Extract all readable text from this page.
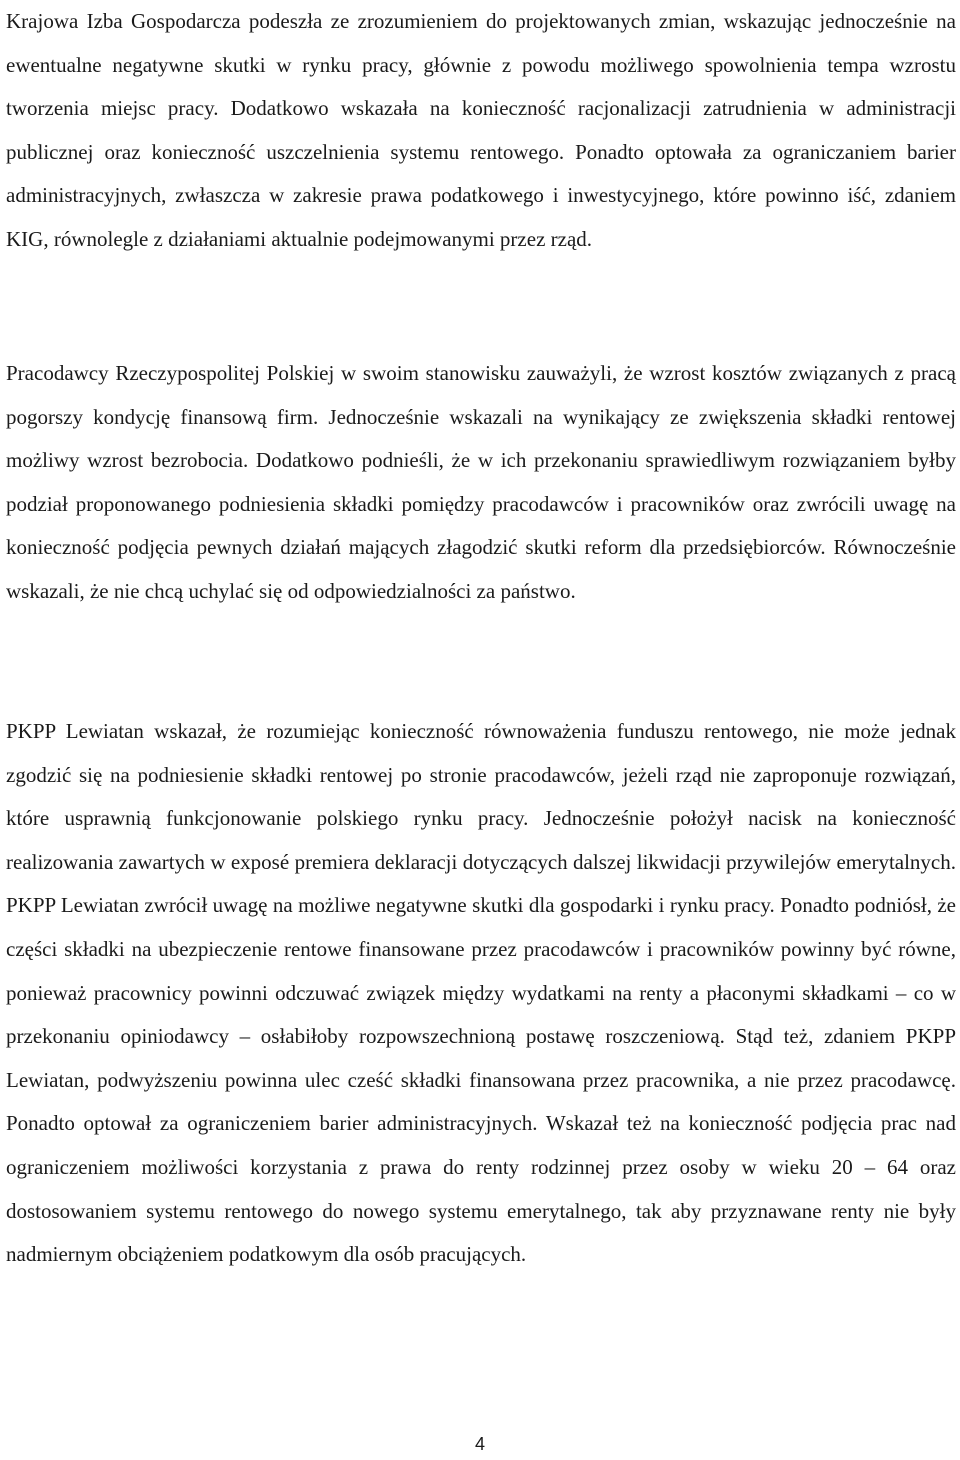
Krajowa Izba Gospodarcza podeszła ze zrozumieniem do projektowanych zmian, wskazując jednocześnie na ewentualne negatywne skutki w rynku pracy, głównie z powodu możliwego spowolnienia tempa wzrostu tworzenia miejsc pracy. Dodatkowo wskazała na konieczność racjonalizacji zatrudnienia w administracji publicznej oraz konieczność uszczelnienia systemu rentowego. Ponadto optowała za ograniczaniem barier administracyjnych, zwłaszcza w zakresie prawa podatkowego i inwestycyjnego, które powinno iść, zdaniem KIG, równolegle z działaniami aktualnie podejmowanymi przez rząd.

Pracodawcy Rzeczypospolitej Polskiej w swoim stanowisku zauważyli, że wzrost kosztów związanych z pracą pogorszy kondycję finansową firm. Jednocześnie wskazali na wynikający ze zwiększenia składki rentowej możliwy wzrost bezrobocia. Dodatkowo podnieśli, że w ich przekonaniu sprawiedliwym rozwiązaniem byłby podział proponowanego podniesienia składki pomiędzy pracodawców i pracowników oraz zwrócili uwagę na konieczność podjęcia pewnych działań mających złagodzić skutki reform dla przedsiębiorców. Równocześnie wskazali, że nie chcą uchylać się od odpowiedzialności za państwo.

PKPP Lewiatan wskazał, że rozumiejąc konieczność równoważenia funduszu rentowego, nie może jednak zgodzić się na podniesienie składki rentowej po stronie pracodawców, jeżeli rząd nie zaproponuje rozwiązań, które usprawnią funkcjonowanie polskiego rynku pracy. Jednocześnie położył nacisk na konieczność realizowania zawartych w exposé premiera deklaracji dotyczących dalszej likwidacji przywilejów emerytalnych. PKPP Lewiatan zwrócił uwagę na możliwe negatywne skutki dla gospodarki i rynku pracy. Ponadto podniósł, że części składki na ubezpieczenie rentowe finansowane przez pracodawców i pracowników powinny być równe, ponieważ pracownicy powinni odczuwać związek między wydatkami na renty a płaconymi składkami – co w przekonaniu opiniodawcy – osłabiłoby rozpowszechnioną postawę roszczeniową. Stąd też, zdaniem PKPP Lewiatan, podwyższeniu powinna ulec cześć składki finansowana przez pracownika, a nie przez pracodawcę. Ponadto optował za ograniczeniem barier administracyjnych. Wskazał też na konieczność podjęcia prac nad ograniczeniem możliwości korzystania z prawa do renty rodzinnej przez osoby w wieku 20 – 64 oraz dostosowaniem systemu rentowego do nowego systemu emerytalnego, tak aby przyznawane renty nie były nadmiernym obciążeniem podatkowym dla osób pracujących.

4
